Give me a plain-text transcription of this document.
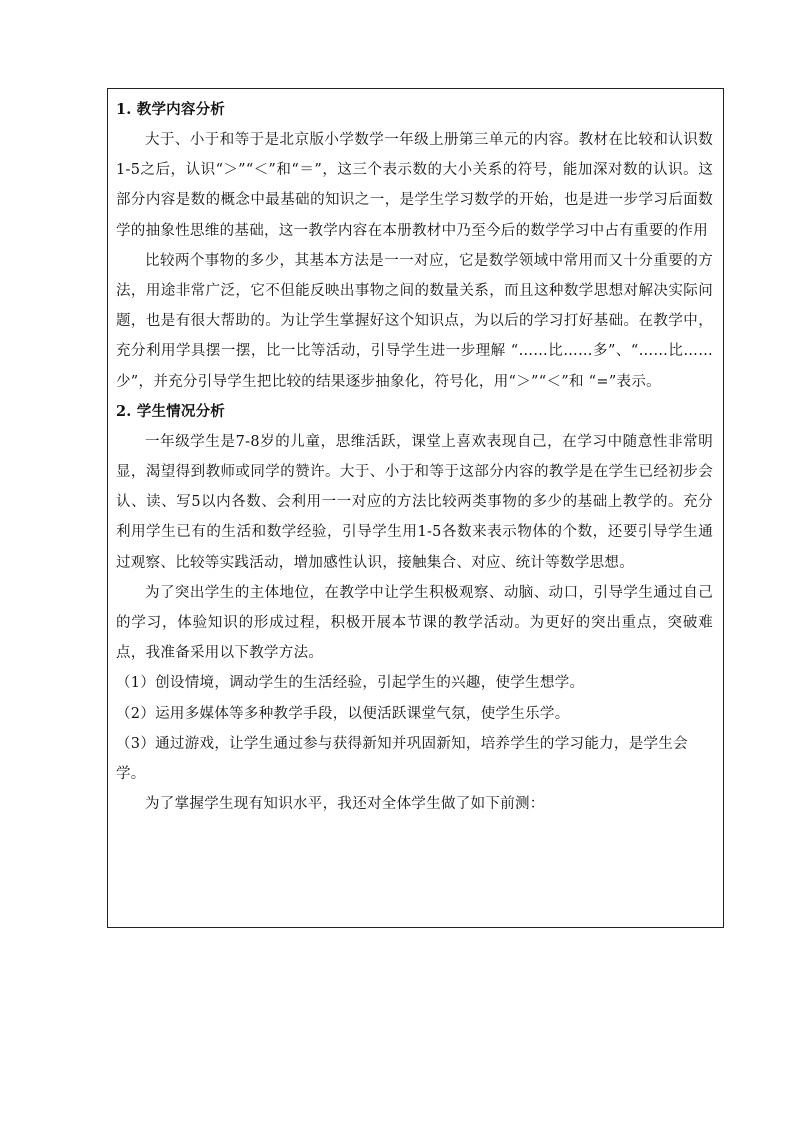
1. 教学内容分析

大于、小于和等于是北京版小学数学一年级上册第三单元的内容。教材在比较和认识数1-5之后，认识“＞”“＜”和“＝”，这三个表示数的大小关系的符号，能加深对数的认识。这部分内容是数的概念中最基础的知识之一，是学生学习数学的开始，也是进一步学习后面数学的抽象性思维的基础，这一教学内容在本册教材中乃至今后的数学学习中占有重要的作用

比较两个事物的多少，其基本方法是一一对应，它是数学领域中常用而又十分重要的方法，用途非常广泛，它不但能反映出事物之间的数量关系，而且这种数学思想对解决实际问题，也是有很大帮助的。为让学生掌握好这个知识点，为以后的学习打好基础。在教学中，充分利用学具摆一摆，比一比等活动，引导学生进一步理解 “……比……多”、“……比……少”，并充分引导学生把比较的结果逐步抽象化，符号化，用“＞”“＜”和 “=”表示。

2. 学生情况分析

一年级学生是7-8岁的儿童，思维活跃，课堂上喜欢表现自己，在学习中随意性非常明显，渴望得到教师或同学的赞许。大于、小于和等于这部分内容的教学是在学生已经初步会认、读、写5以内各数、会利用一一对应的方法比较两类事物的多少的基础上教学的。充分利用学生已有的生活和数学经验，引导学生用1-5各数来表示物体的个数，还要引导学生通过观察、比较等实践活动，增加感性认识，接触集合、对应、统计等数学思想。

为了突出学生的主体地位，在教学中让学生积极观察、动脑、动口，引导学生通过自己的学习，体验知识的形成过程，积极开展本节课的教学活动。为更好的突出重点，突破难点，我准备采用以下教学方法。

（1）创设情境，调动学生的生活经验，引起学生的兴趣，使学生想学。

（2）运用多媒体等多种教学手段，以便活跃课堂气氛，使学生乐学。

（3）通过游戏，让学生通过参与获得新知并巩固新知，培养学生的学习能力，是学生会学。

为了掌握学生现有知识水平，我还对全体学生做了如下前测：
